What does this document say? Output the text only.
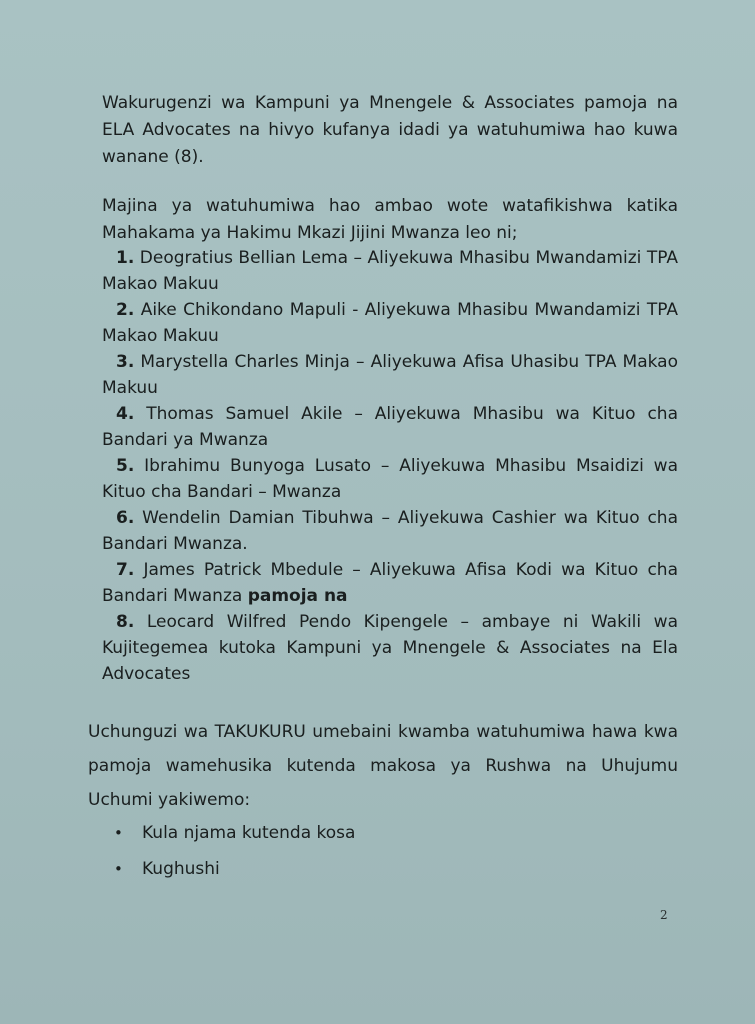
Wakurugenzi wa Kampuni ya Mnengele & Associates pamoja na ELA Advocates na hivyo kufanya idadi ya watuhumiwa hao kuwa wanane (8).

Majina ya watuhumiwa hao ambao wote watafikishwa katika Mahakama ya Hakimu Mkazi Jijini Mwanza leo ni;

1. Deogratius Bellian Lema – Aliyekuwa Mhasibu Mwandamizi TPA Makao Makuu
2. Aike Chikondano Mapuli - Aliyekuwa Mhasibu Mwandamizi TPA Makao Makuu
3. Marystella Charles Minja – Aliyekuwa Afisa Uhasibu TPA Makao Makuu
4. Thomas Samuel Akile – Aliyekuwa Mhasibu wa Kituo cha Bandari ya Mwanza
5. Ibrahimu Bunyoga Lusato – Aliyekuwa Mhasibu Msaidizi wa Kituo cha Bandari – Mwanza
6. Wendelin Damian Tibuhwa – Aliyekuwa Cashier wa Kituo cha Bandari Mwanza.
7. James Patrick Mbedule – Aliyekuwa Afisa Kodi wa Kituo cha Bandari Mwanza pamoja na
8. Leocard Wilfred Pendo Kipengele – ambaye ni Wakili wa Kujitegemea kutoka Kampuni ya Mnengele & Associates na Ela Advocates

Uchunguzi wa TAKUKURU umebaini kwamba watuhumiwa hawa kwa pamoja wamehusika kutenda makosa ya Rushwa na Uhujumu Uchumi yakiwemo:

• Kula njama kutenda kosa
• Kughushi
2
